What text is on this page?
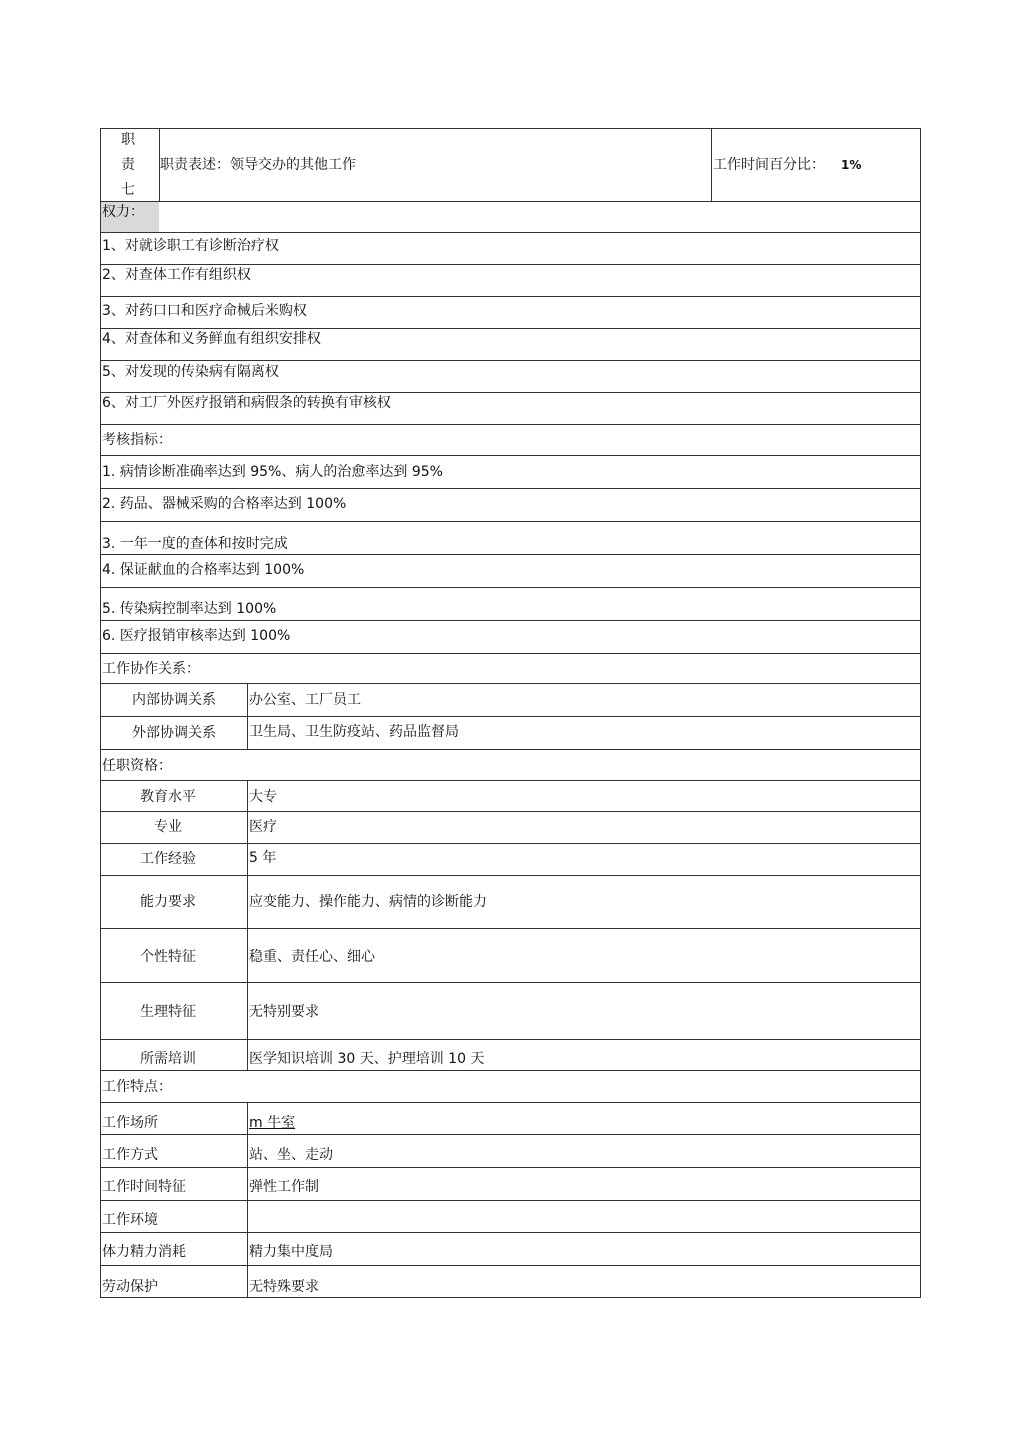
职
责
七
职责表述：领导交办的其他工作	工作时间百分比： 1%
权力：
1、对就诊职工有诊断治疗权
2、对查体工作有组织权
3、对药口口和医疗命械后米购权
4、对查体和义务鲜血有组织安排权
5、对发现的传染病有隔离权
6、对工厂外医疗报销和病假条的转换有审核权
考核指标：
1. 病情诊断准确率达到 95%、病人的治愈率达到 95%
2. 药品、器械采购的合格率达到 100%
3. 一年一度的查体和按时完成
4. 保证献血的合格率达到 100%
5. 传染病控制率达到 100%
6. 医疗报销审核率达到 100%
工作协作关系：
内部协调关系	办公室、工厂员工
外部协调关系	卫生局、卫生防疫站、药品监督局
任职资格：
教育水平	大专
专业	医疗
工作经验	5 年
能力要求	应变能力、操作能力、病情的诊断能力
个性特征	稳重、责任心、细心
生理特征	无特别要求
所需培训	医学知识培训 30 天、护理培训 10 天
工作特点：
工作场所	m 牛室
工作方式	站、坐、走动
工作时间特征	弹性工作制
工作环境
体力精力消耗	精力集中度局
劳动保护	无特殊要求
